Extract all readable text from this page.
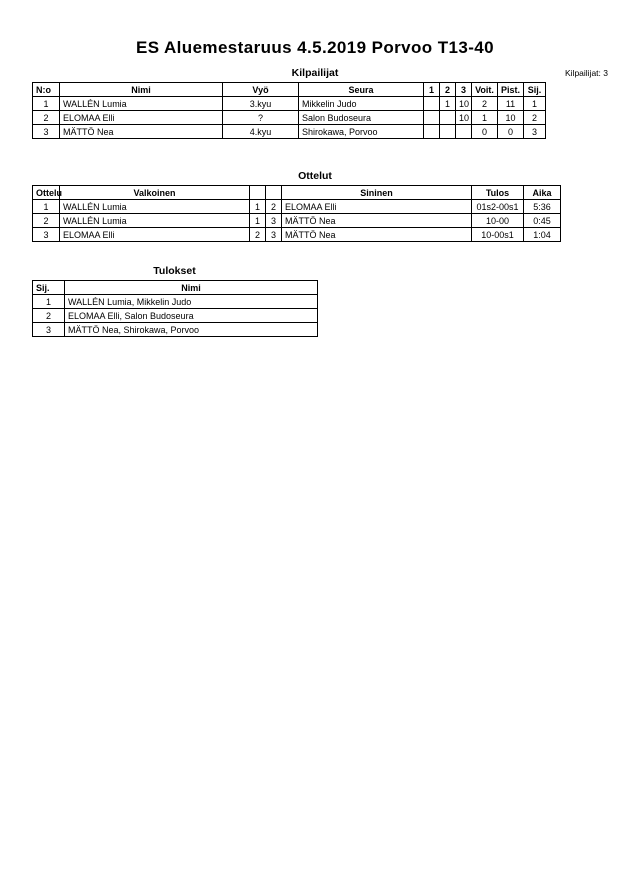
ES Aluemestaruus 4.5.2019 Porvoo T13-40
Kilpailijat	Kilpailijat: 3
N:o	Nimi	Vyö	Seura	1	2	3	Voit.	Pist.	Sij.
1	WALLÉN Lumia	3.kyu	Mikkelin Judo		1	10	2	11	1
2	ELOMAA Elli	?	Salon Budoseura			10	1	10	2
3	MÄTTÖ Nea	4.kyu	Shirokawa, Porvoo				0	0	3
Ottelut
Ottelu	Valkoinen			Sininen	Tulos	Aika
1	WALLÉN Lumia	1	2	ELOMAA Elli	01s2-00s1	5:36
2	WALLÉN Lumia	1	3	MÄTTÖ Nea	10-00	0:45
3	ELOMAA Elli	2	3	MÄTTÖ Nea	10-00s1	1:04
Tulokset
Sij.	Nimi
1	WALLÉN Lumia, Mikkelin Judo
2	ELOMAA Elli, Salon Budoseura
3	MÄTTÖ Nea, Shirokawa, Porvoo
